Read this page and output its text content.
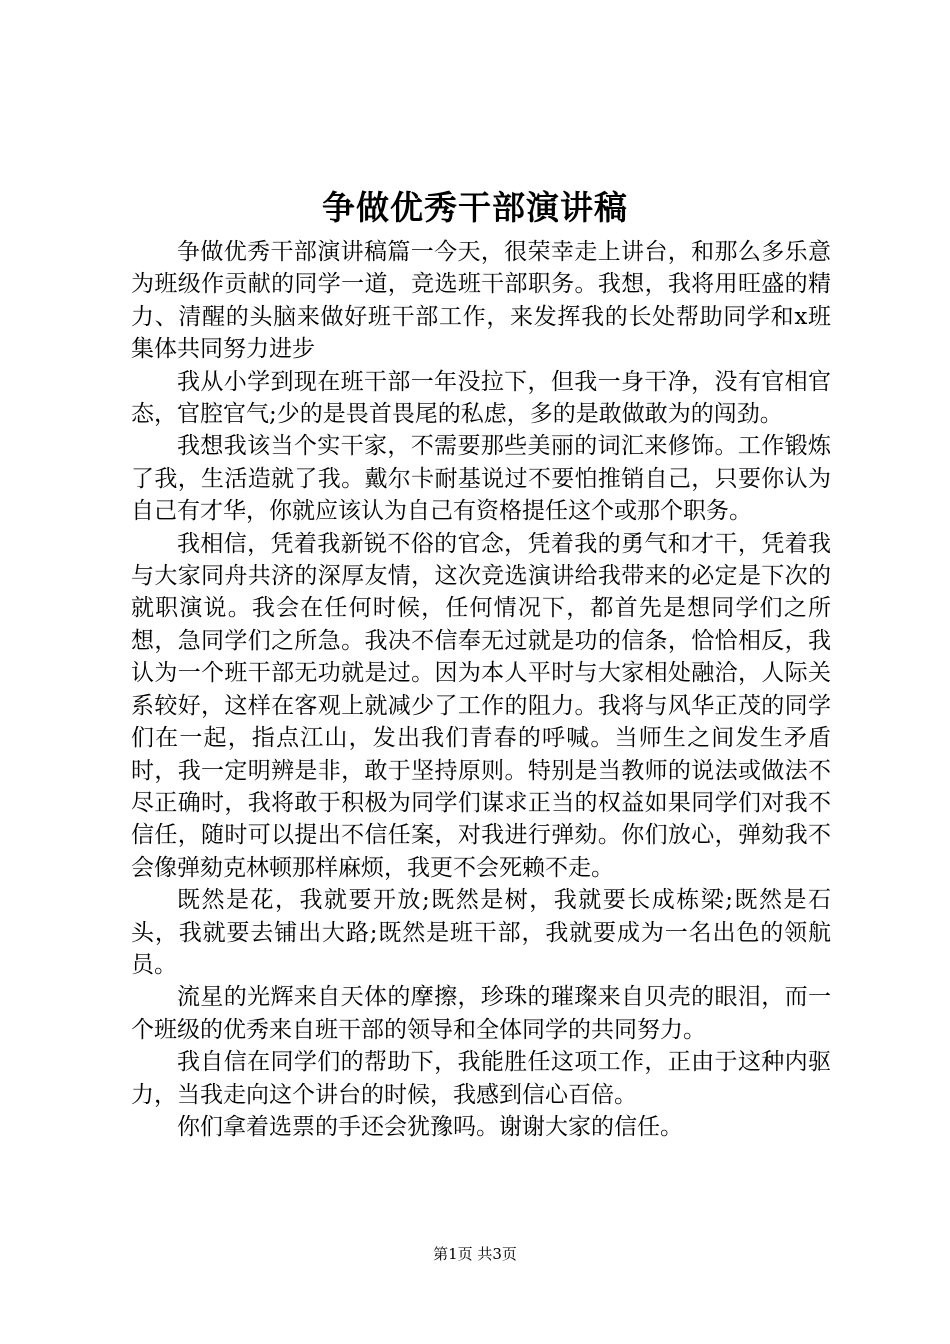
争做优秀干部演讲稿

争做优秀干部演讲稿篇一今天，很荣幸走上讲台，和那么多乐意为班级作贡献的同学一道，竞选班干部职务。我想，我将用旺盛的精力、清醒的头脑来做好班干部工作，来发挥我的长处帮助同学和x班集体共同努力进步

我从小学到现在班干部一年没拉下，但我一身干净，没有官相官态，官腔官气;少的是畏首畏尾的私虑，多的是敢做敢为的闯劲。

我想我该当个实干家，不需要那些美丽的词汇来修饰。工作锻炼了我，生活造就了我。戴尔卡耐基说过不要怕推销自己，只要你认为自己有才华，你就应该认为自己有资格提任这个或那个职务。

我相信，凭着我新锐不俗的官念，凭着我的勇气和才干，凭着我与大家同舟共济的深厚友情，这次竞选演讲给我带来的必定是下次的就职演说。我会在任何时候，任何情况下，都首先是想同学们之所想，急同学们之所急。我决不信奉无过就是功的信条，恰恰相反，我认为一个班干部无功就是过。因为本人平时与大家相处融洽，人际关系较好，这样在客观上就减少了工作的阻力。我将与风华正茂的同学们在一起，指点江山，发出我们青春的呼喊。当师生之间发生矛盾时，我一定明辨是非，敢于坚持原则。特别是当教师的说法或做法不尽正确时，我将敢于积极为同学们谋求正当的权益如果同学们对我不信任，随时可以提出不信任案，对我进行弹劾。你们放心，弹劾我不会像弹劾克林顿那样麻烦，我更不会死赖不走。

既然是花，我就要开放;既然是树，我就要长成栋梁;既然是石头，我就要去铺出大路;既然是班干部，我就要成为一名出色的领航员。

流星的光辉来自天体的摩擦，珍珠的璀璨来自贝壳的眼泪，而一个班级的优秀来自班干部的领导和全体同学的共同努力。

我自信在同学们的帮助下，我能胜任这项工作，正由于这种内驱力，当我走向这个讲台的时候，我感到信心百倍。

你们拿着选票的手还会犹豫吗。谢谢大家的信任。

第1页 共3页
